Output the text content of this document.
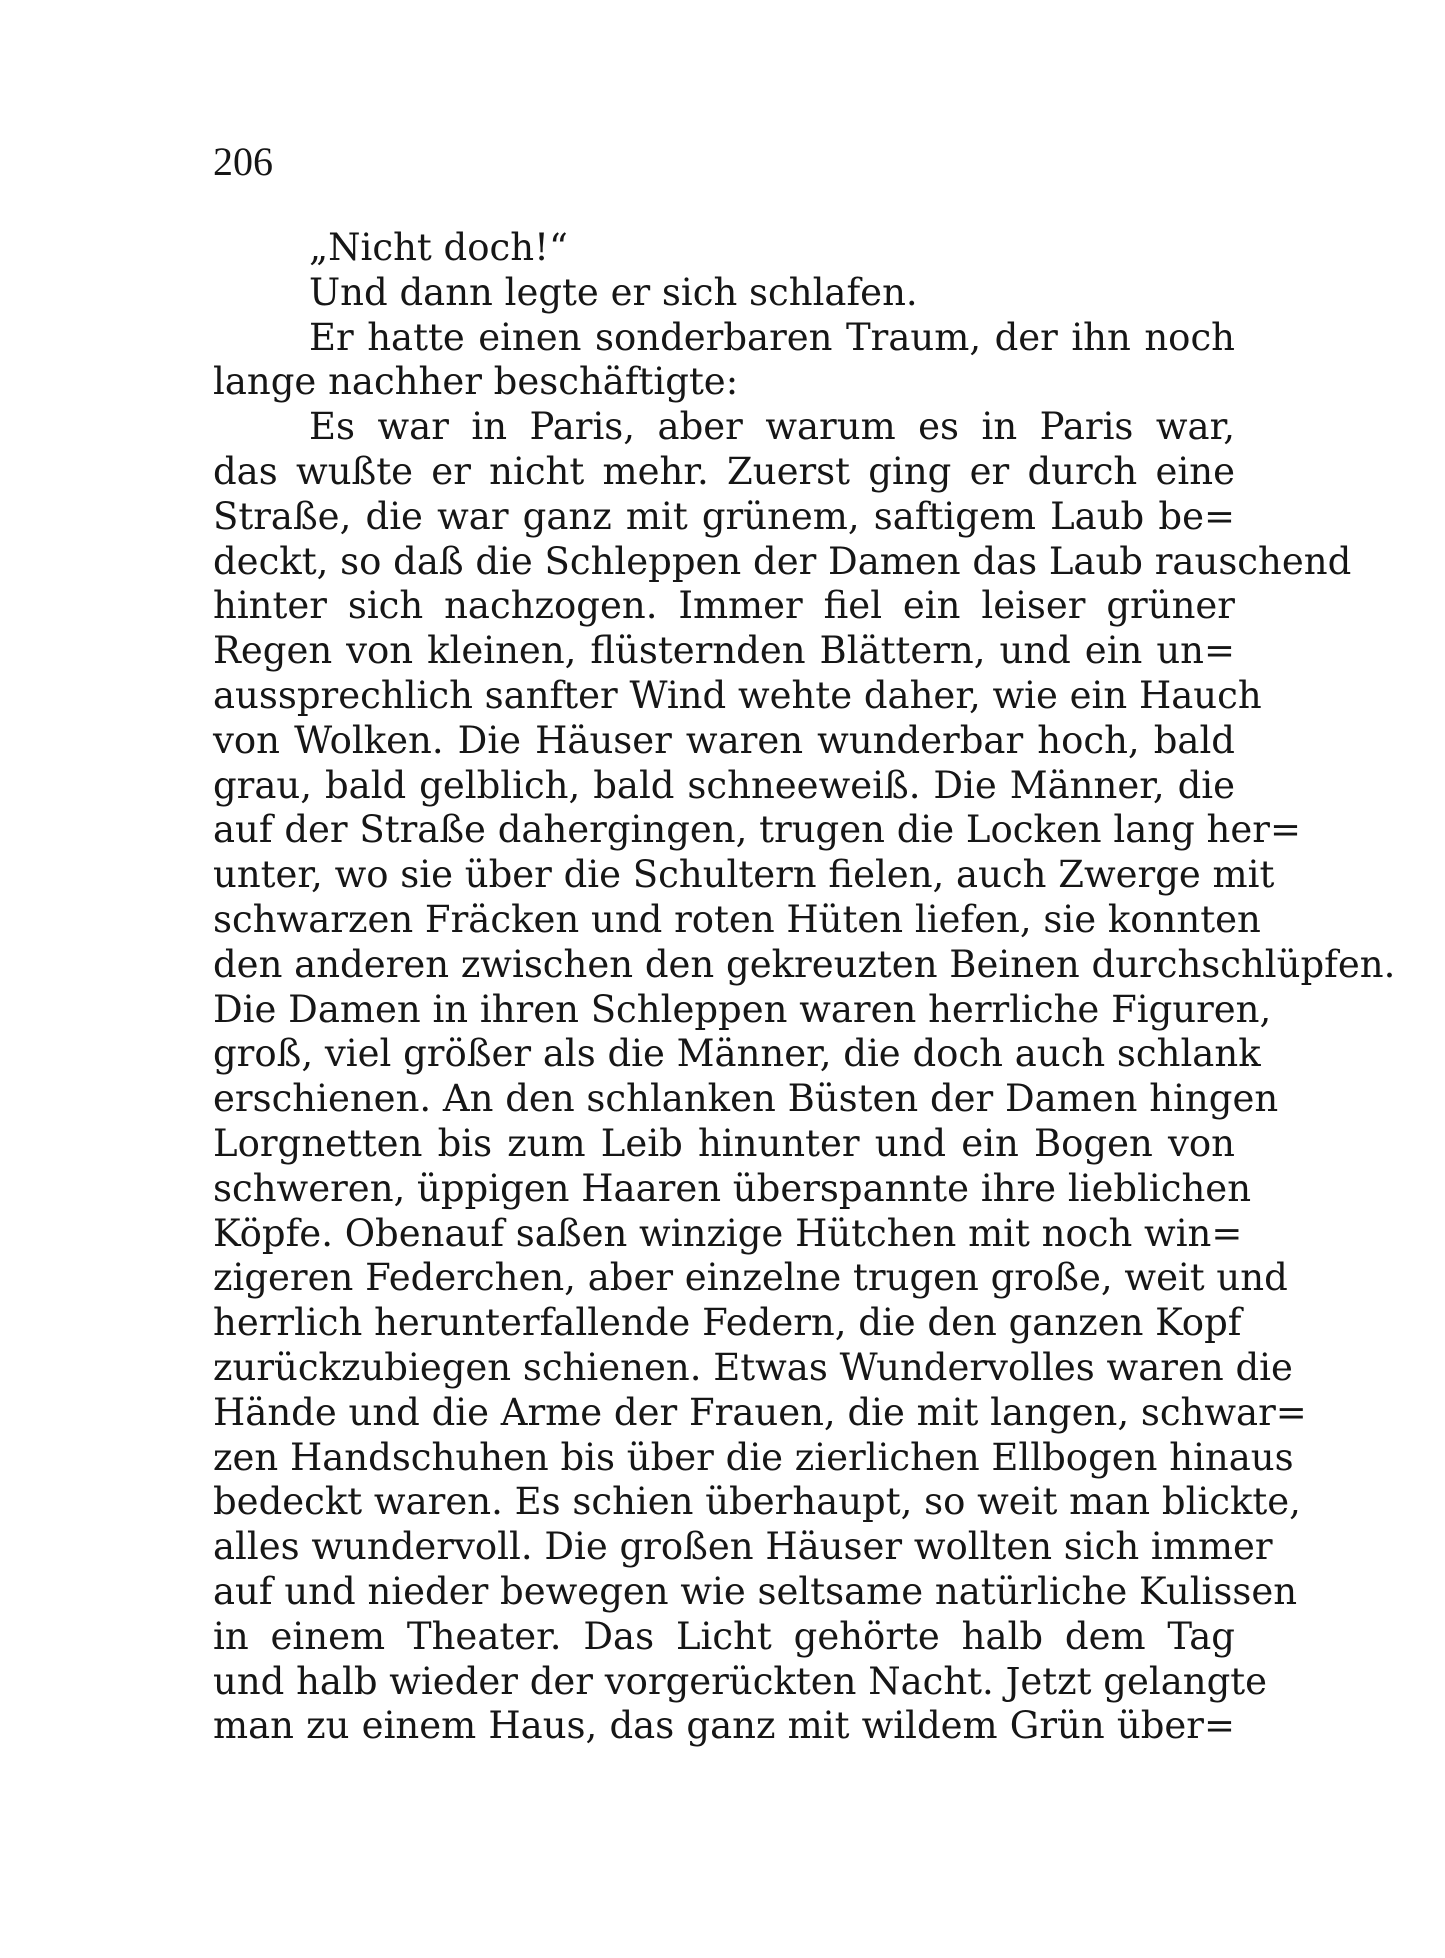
206
„Nicht doch!“
Und dann legte er sich schlafen.
Er hatte einen sonderbaren Traum, der ihn noch
lange nachher beschäftigte:
Es war in Paris, aber warum es in Paris war,
das wußte er nicht mehr. Zuerst ging er durch eine
Straße, die war ganz mit grünem, saftigem Laub be=
deckt, so daß die Schleppen der Damen das Laub rauschend
hinter sich nachzogen. Immer fiel ein leiser grüner
Regen von kleinen, flüsternden Blättern, und ein un=
aussprechlich sanfter Wind wehte daher, wie ein Hauch
von Wolken. Die Häuser waren wunderbar hoch, bald
grau, bald gelblich, bald schneeweiß. Die Männer, die
auf der Straße dahergingen, trugen die Locken lang her=
unter, wo sie über die Schultern fielen, auch Zwerge mit
schwarzen Fräcken und roten Hüten liefen, sie konnten
den anderen zwischen den gekreuzten Beinen durchschlüpfen.
Die Damen in ihren Schleppen waren herrliche Figuren,
groß, viel größer als die Männer, die doch auch schlank
erschienen. An den schlanken Büsten der Damen hingen
Lorgnetten bis zum Leib hinunter und ein Bogen von
schweren, üppigen Haaren überspannte ihre lieblichen
Köpfe. Obenauf saßen winzige Hütchen mit noch win=
zigeren Federchen, aber einzelne trugen große, weit und
herrlich herunterfallende Federn, die den ganzen Kopf
zurückzubiegen schienen. Etwas Wundervolles waren die
Hände und die Arme der Frauen, die mit langen, schwar=
zen Handschuhen bis über die zierlichen Ellbogen hinaus
bedeckt waren. Es schien überhaupt, so weit man blickte,
alles wundervoll. Die großen Häuser wollten sich immer
auf und nieder bewegen wie seltsame natürliche Kulissen
in einem Theater. Das Licht gehörte halb dem Tag
und halb wieder der vorgerückten Nacht. Jetzt gelangte
man zu einem Haus, das ganz mit wildem Grün über=
